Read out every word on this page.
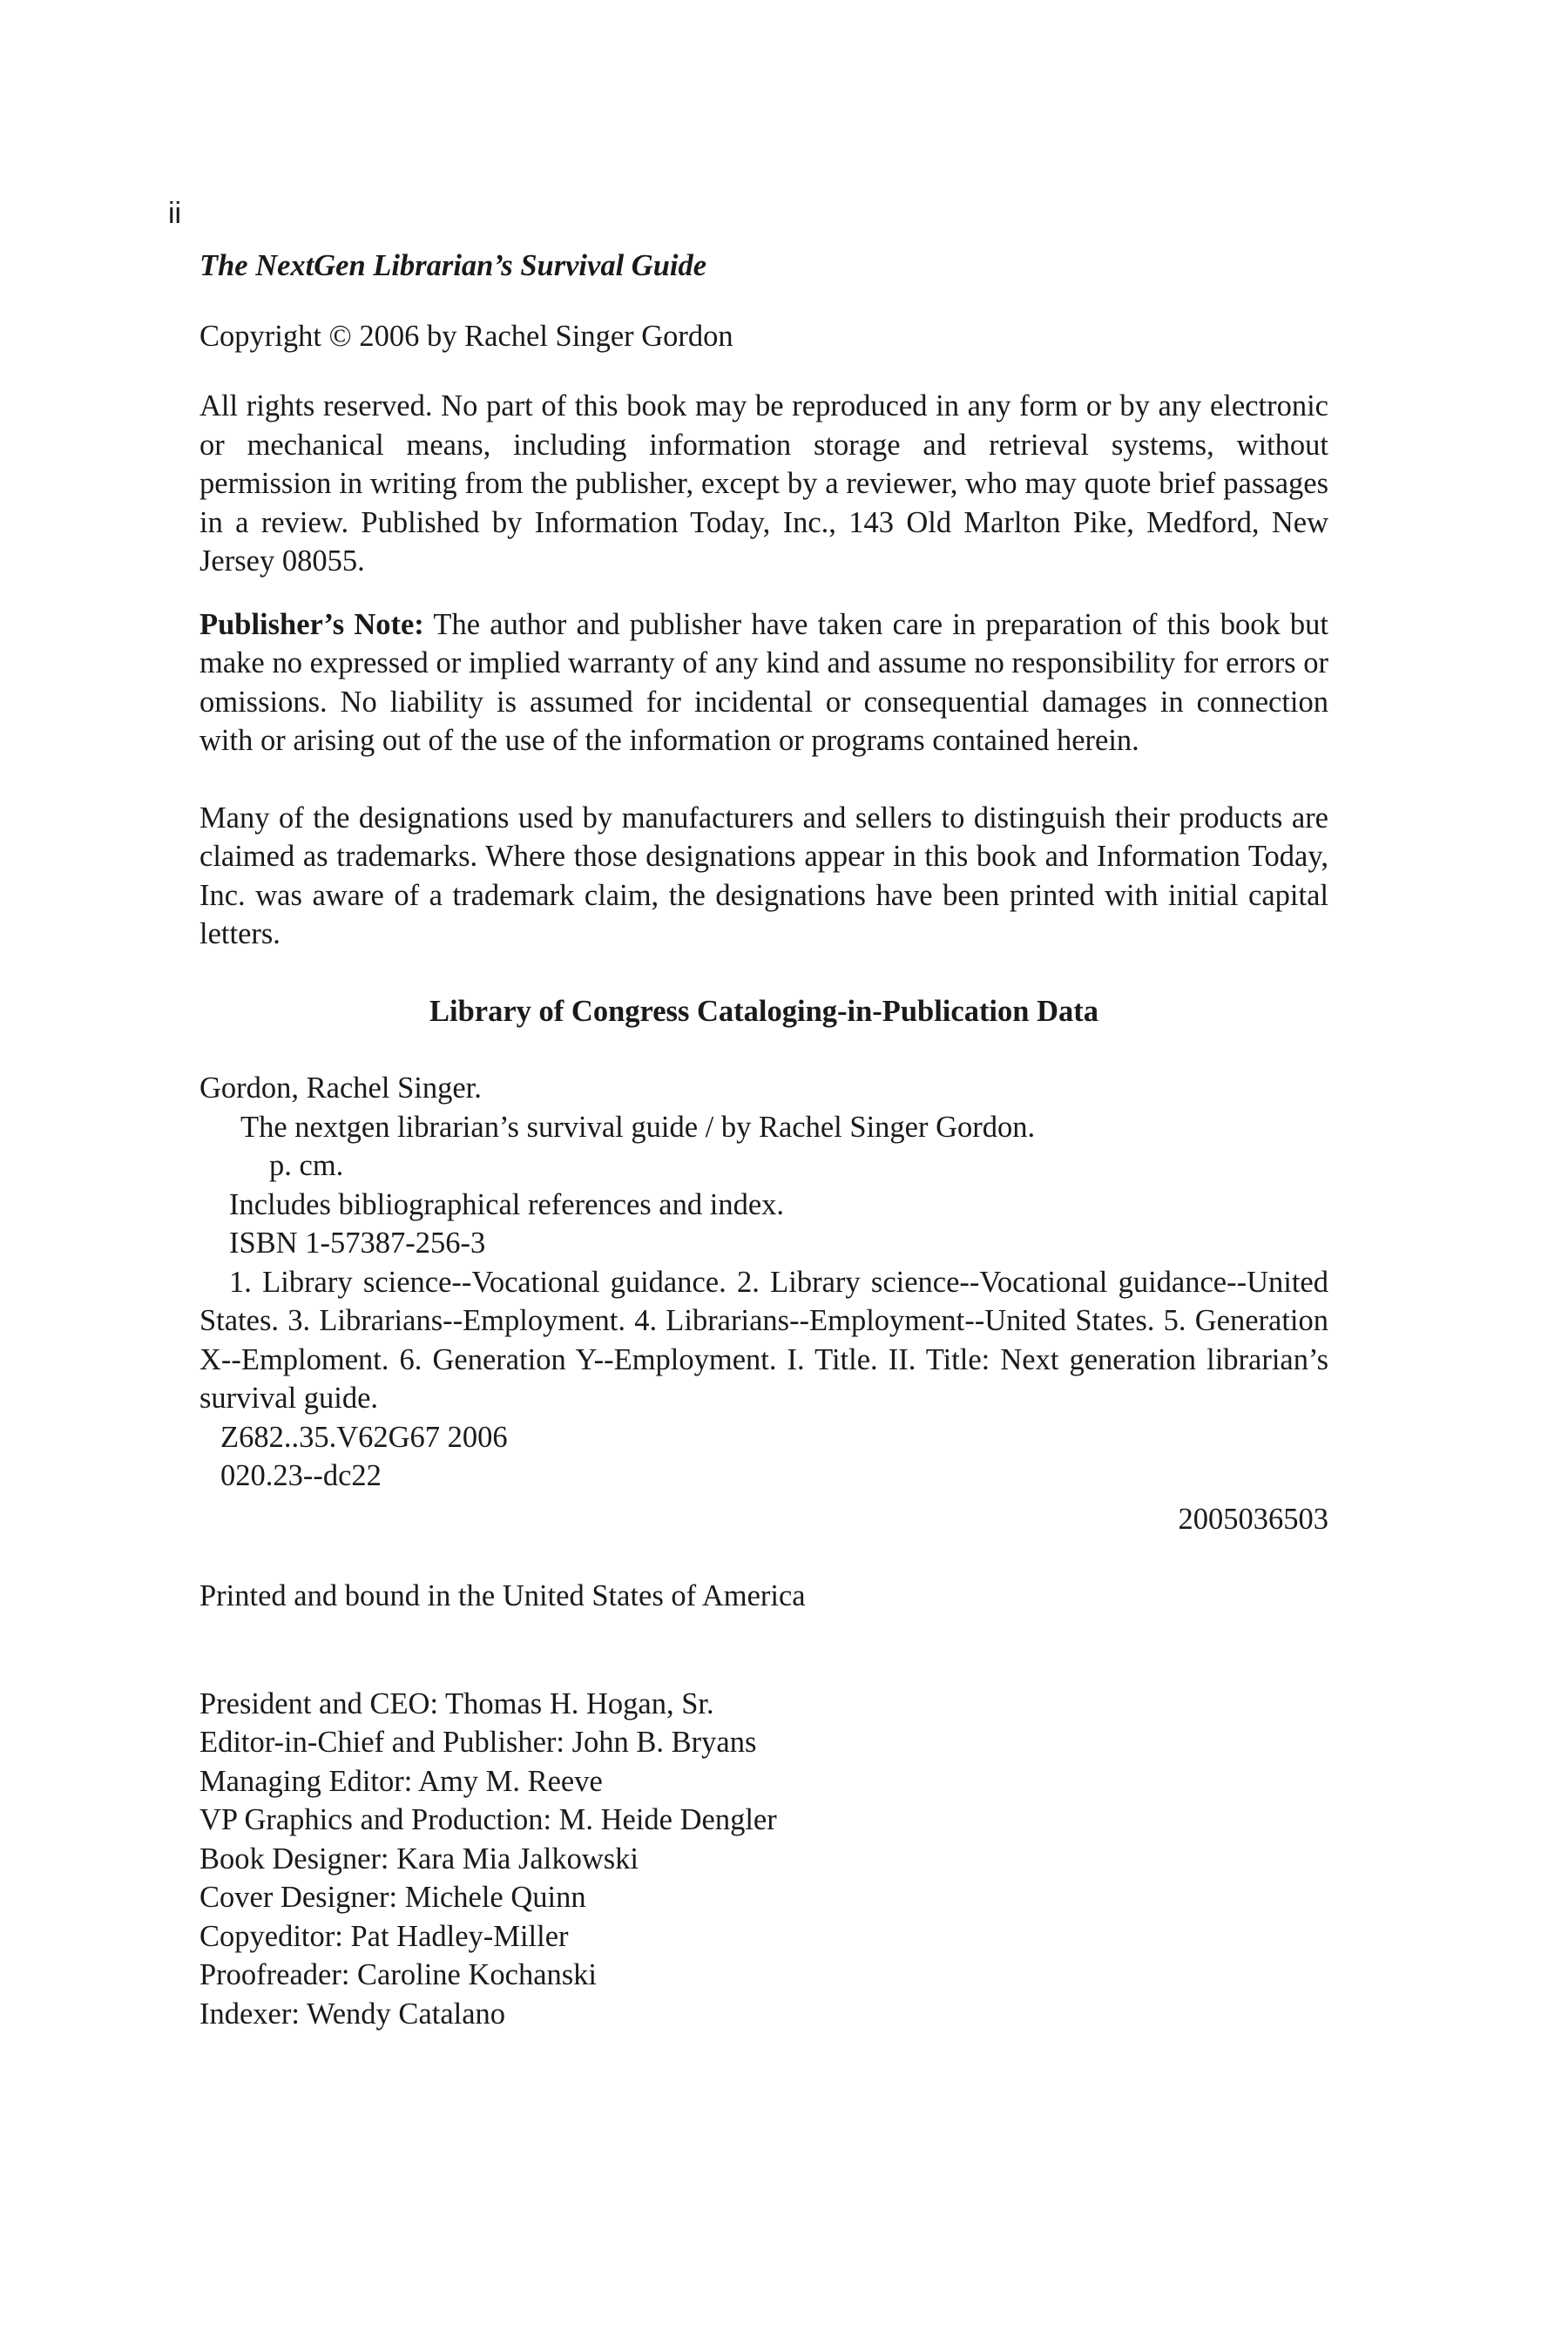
ii

The NextGen Librarian’s Survival Guide

Copyright © 2006 by Rachel Singer Gordon

All rights reserved. No part of this book may be reproduced in any form or by any electronic or mechanical means, including information storage and retrieval systems, without permission in writing from the publisher, except by a reviewer, who may quote brief passages in a review. Published by Information Today, Inc., 143 Old Marlton Pike, Medford, New Jersey 08055.

Publisher’s Note: The author and publisher have taken care in preparation of this book but make no expressed or implied warranty of any kind and assume no responsibility for errors or omissions. No liability is assumed for incidental or consequential damages in connection with or arising out of the use of the information or programs contained herein.

Many of the designations used by manufacturers and sellers to distinguish their products are claimed as trademarks. Where those designations appear in this book and Information Today, Inc. was aware of a trademark claim, the designations have been printed with initial capital letters.

Library of Congress Cataloging-in-Publication Data

Gordon, Rachel Singer.

The nextgen librarian’s survival guide / by Rachel Singer Gordon.

p. cm.

Includes bibliographical references and index.

ISBN 1-57387-256-3

1. Library science--Vocational guidance. 2. Library science--Vocational guidance--United States. 3. Librarians--Employment. 4. Librarians--Employment--United States. 5. Generation X--Emploment. 6. Generation Y--Employment. I. Title. II. Title: Next generation librarian’s survival guide.

Z682..35.V62G67 2006

020.23--dc22

2005036503

Printed and bound in the United States of America

President and CEO: Thomas H. Hogan, Sr.

Editor-in-Chief and Publisher: John B. Bryans

Managing Editor: Amy M. Reeve

VP Graphics and Production: M. Heide Dengler

Book Designer: Kara Mia Jalkowski

Cover Designer: Michele Quinn

Copyeditor: Pat Hadley-Miller

Proofreader: Caroline Kochanski

Indexer: Wendy Catalano
